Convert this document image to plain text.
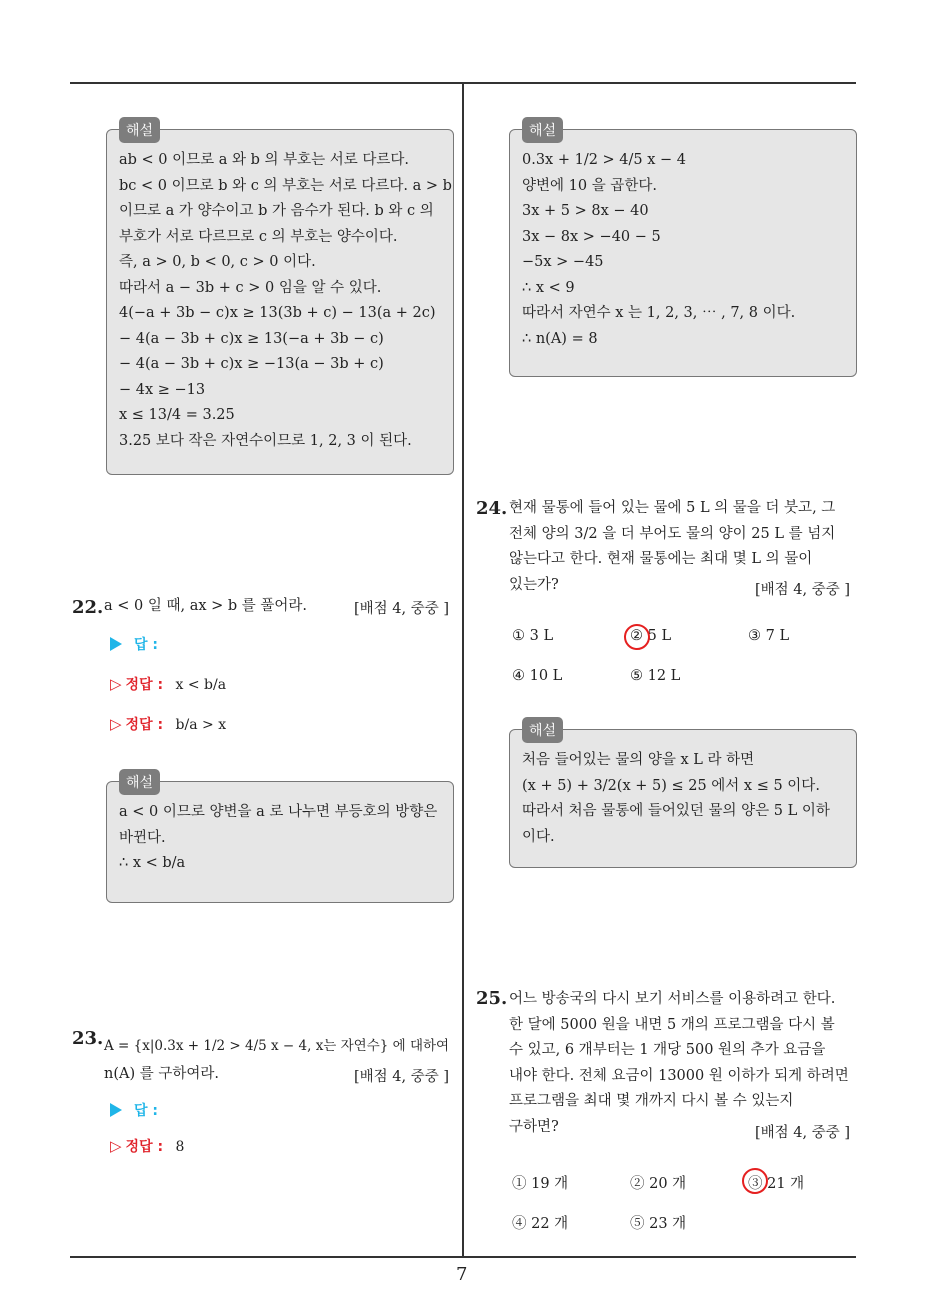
7
해설
ab < 0 이므로 a 와 b 의 부호는 서로 다르다.
bc < 0 이므로 b 와 c 의 부호는 서로 다르다. a > b
이므로 a 가 양수이고 b 가 음수가 된다. b 와 c 의
부호가 서로 다르므로 c 의 부호는 양수이다.
즉, a > 0, b < 0, c > 0 이다.
따라서 a − 3b + c > 0 임을 알 수 있다.
4(−a + 3b − c)x ≥ 13(3b + c) − 13(a + 2c)
− 4(a − 3b + c)x ≥ 13(−a + 3b − c)
− 4(a − 3b + c)x ≥ −13(a − 3b + c)
− 4x ≥ −13
x ≤ 13/4 = 3.25
3.25 보다 작은 자연수이므로 1, 2, 3 이 된다.
22. a < 0 일 때, ax > b 를 풀어라.	[배점 4, 중중 ]
답 :
▷ 정답 : x < b/a
▷ 정답 : b/a > x
해설
a < 0 이므로 양변을 a 로 나누면 부등호의 방향은
바뀐다.
∴ x < b/a
23. A = {x|0.3x + 1/2 > 4/5 x − 4, x는 자연수} 에 대하여
n(A) 를 구하여라.	[배점 4, 중중 ]
답 :
▷ 정답 : 8
해설
0.3x + 1/2 > 4/5 x − 4
양변에 10 을 곱한다.
3x + 5 > 8x − 40
3x − 8x > −40 − 5
−5x > −45
∴ x < 9
따라서 자연수 x 는 1, 2, 3, ⋯ , 7, 8 이다.
∴ n(A) = 8
24. 현재 물통에 들어 있는 물에 5 L 의 물을 더 붓고, 그
전체 양의 3/2 을 더 부어도 물의 양이 25 L 를 넘지
않는다고 한다. 현재 물통에는 최대 몇 L 의 물이
있는가?	[배점 4, 중중 ]
① 3 L	② 5 L	③ 7 L
④ 10 L	⑤ 12 L
해설
처음 들어있는 물의 양을 x L 라 하면
(x + 5) + 3/2(x + 5) ≤ 25 에서 x ≤ 5 이다.
따라서 처음 물통에 들어있던 물의 양은 5 L 이하
이다.
25. 어느 방송국의 다시 보기 서비스를 이용하려고 한다.
한 달에 5000 원을 내면 5 개의 프로그램을 다시 볼
수 있고, 6 개부터는 1 개당 500 원의 추가 요금을
내야 한다. 전체 요금이 13000 원 이하가 되게 하려면
프로그램을 최대 몇 개까지 다시 볼 수 있는지
구하면?	[배점 4, 중중 ]
① 19 개	② 20 개	③ 21 개
④ 22 개	⑤ 23 개
